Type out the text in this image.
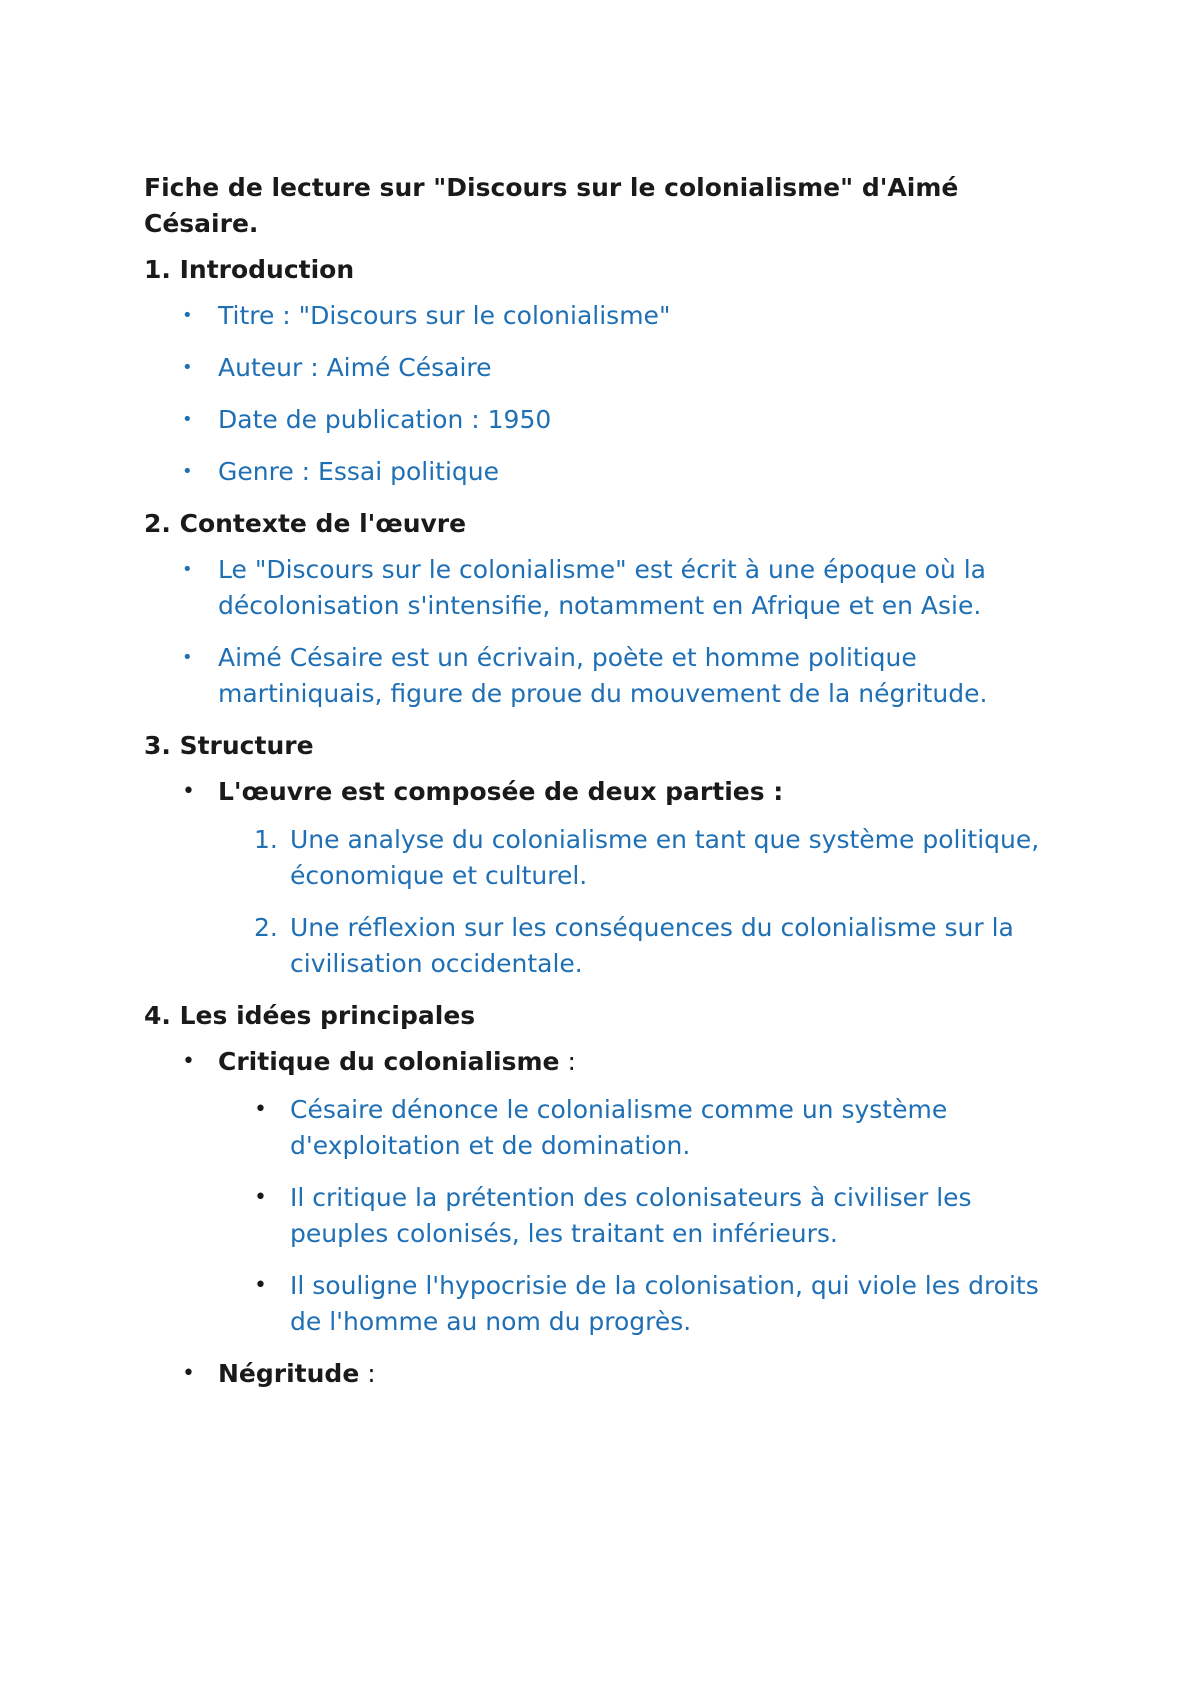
Fiche de lecture sur "Discours sur le colonialisme" d'Aimé Césaire.
1. Introduction
•	Titre : "Discours sur le colonialisme"
•	Auteur : Aimé Césaire
•	Date de publication : 1950
•	Genre : Essai politique
2. Contexte de l'œuvre
•	Le "Discours sur le colonialisme" est écrit à une époque où la décolonisation s'intensifie, notamment en Afrique et en Asie.
•	Aimé Césaire est un écrivain, poète et homme politique martiniquais, figure de proue du mouvement de la négritude.
3. Structure
• L'œuvre est composée de deux parties :
1. Une analyse du colonialisme en tant que système politique, économique et culturel.
2. Une réflexion sur les conséquences du colonialisme sur la civilisation occidentale.
4. Les idées principales
• Critique du colonialisme :
• Césaire dénonce le colonialisme comme un système d'exploitation et de domination.
• Il critique la prétention des colonisateurs à civiliser les peuples colonisés, les traitant en inférieurs.
• Il souligne l'hypocrisie de la colonisation, qui viole les droits de l'homme au nom du progrès.
• Négritude :
